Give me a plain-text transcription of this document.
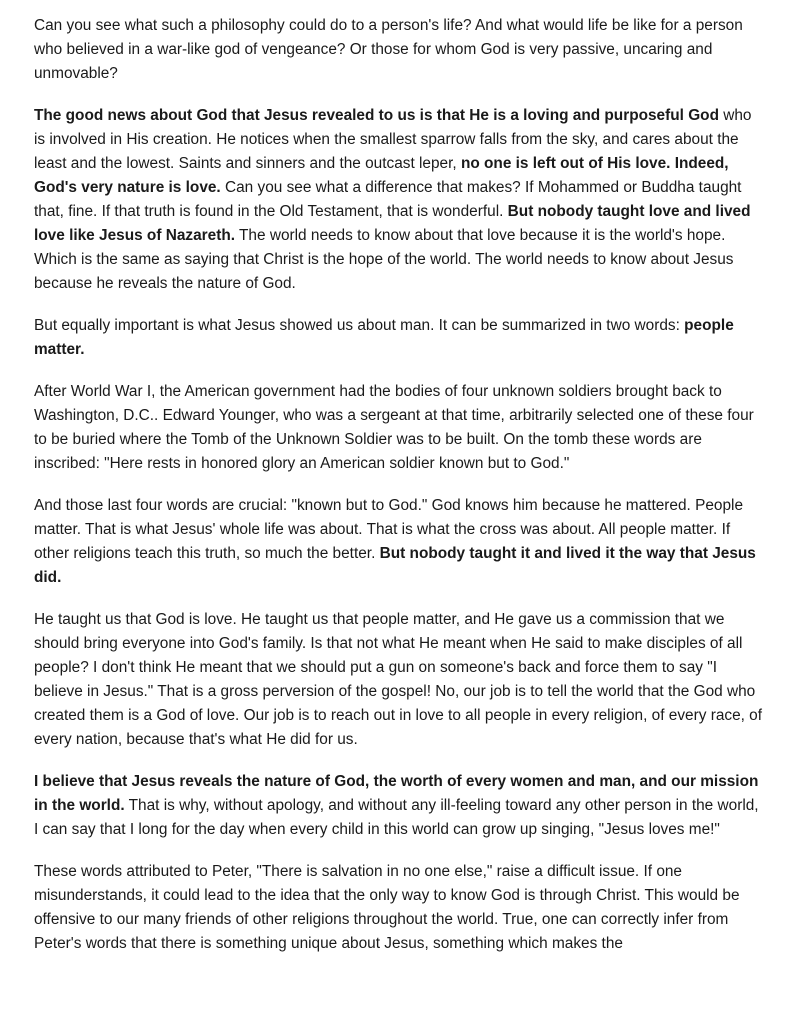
Can you see what such a philosophy could do to a person's life? And what would life be like for a person who believed in a war-like god of vengeance? Or those for whom God is very passive, uncaring and unmovable?

The good news about God that Jesus revealed to us is that He is a loving and purposeful God who is involved in His creation. He notices when the smallest sparrow falls from the sky, and cares about the least and the lowest. Saints and sinners and the outcast leper, no one is left out of His love. Indeed, God's very nature is love. Can you see what a difference that makes? If Mohammed or Buddha taught that, fine. If that truth is found in the Old Testament, that is wonderful. But nobody taught love and lived love like Jesus of Nazareth. The world needs to know about that love because it is the world's hope. Which is the same as saying that Christ is the hope of the world. The world needs to know about Jesus because he reveals the nature of God.

But equally important is what Jesus showed us about man. It can be summarized in two words: people matter.

After World War I, the American government had the bodies of four unknown soldiers brought back to Washington, D.C.. Edward Younger, who was a sergeant at that time, arbitrarily selected one of these four to be buried where the Tomb of the Unknown Soldier was to be built. On the tomb these words are inscribed: "Here rests in honored glory an American soldier known but to God."

And those last four words are crucial: "known but to God." God knows him because he mattered. People matter. That is what Jesus' whole life was about. That is what the cross was about. All people matter. If other religions teach this truth, so much the better. But nobody taught it and lived it the way that Jesus did.

He taught us that God is love. He taught us that people matter, and He gave us a commission that we should bring everyone into God's family. Is that not what He meant when He said to make disciples of all people? I don't think He meant that we should put a gun on someone's back and force them to say "I believe in Jesus." That is a gross perversion of the gospel! No, our job is to tell the world that the God who created them is a God of love. Our job is to reach out in love to all people in every religion, of every race, of every nation, because that's what He did for us.

I believe that Jesus reveals the nature of God, the worth of every women and man, and our mission in the world. That is why, without apology, and without any ill-feeling toward any other person in the world, I can say that I long for the day when every child in this world can grow up singing, "Jesus loves me!"

These words attributed to Peter, "There is salvation in no one else," raise a difficult issue. If one misunderstands, it could lead to the idea that the only way to know God is through Christ. This would be offensive to our many friends of other religions throughout the world. True, one can correctly infer from Peter's words that there is something unique about Jesus, something which makes the
